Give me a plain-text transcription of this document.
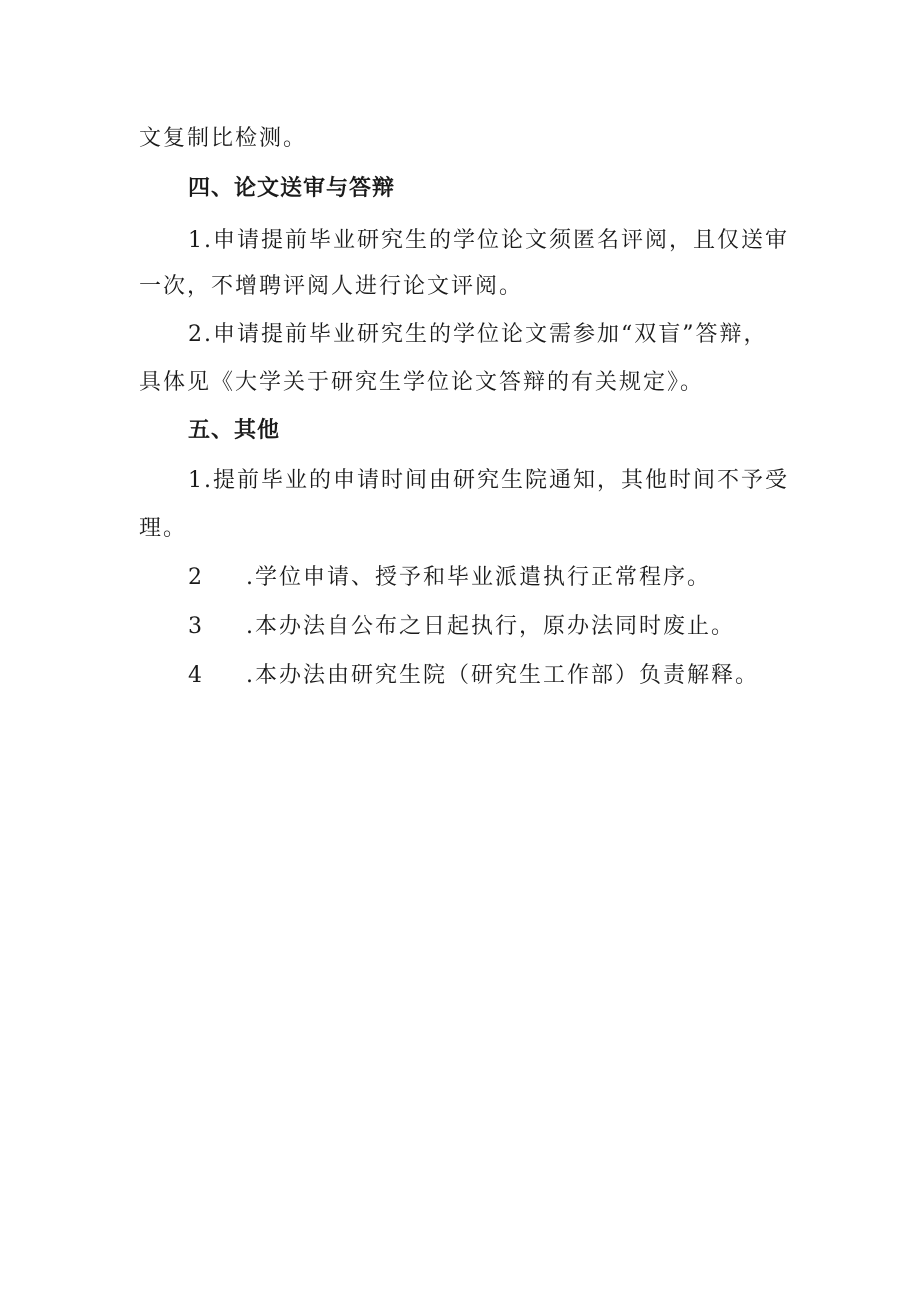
文复制比检测。
四、论文送审与答辩
1.申请提前毕业研究生的学位论文须匿名评阅，且仅送审
一次，不增聘评阅人进行论文评阅。
2.申请提前毕业研究生的学位论文需参加“双盲”答辩，
具体见《大学关于研究生学位论文答辩的有关规定》。
五、其他
1.提前毕业的申请时间由研究生院通知，其他时间不予受
理。
2 .学位申请、授予和毕业派遣执行正常程序。
3 .本办法自公布之日起执行，原办法同时废止。
4 .本办法由研究生院（研究生工作部）负责解释。
